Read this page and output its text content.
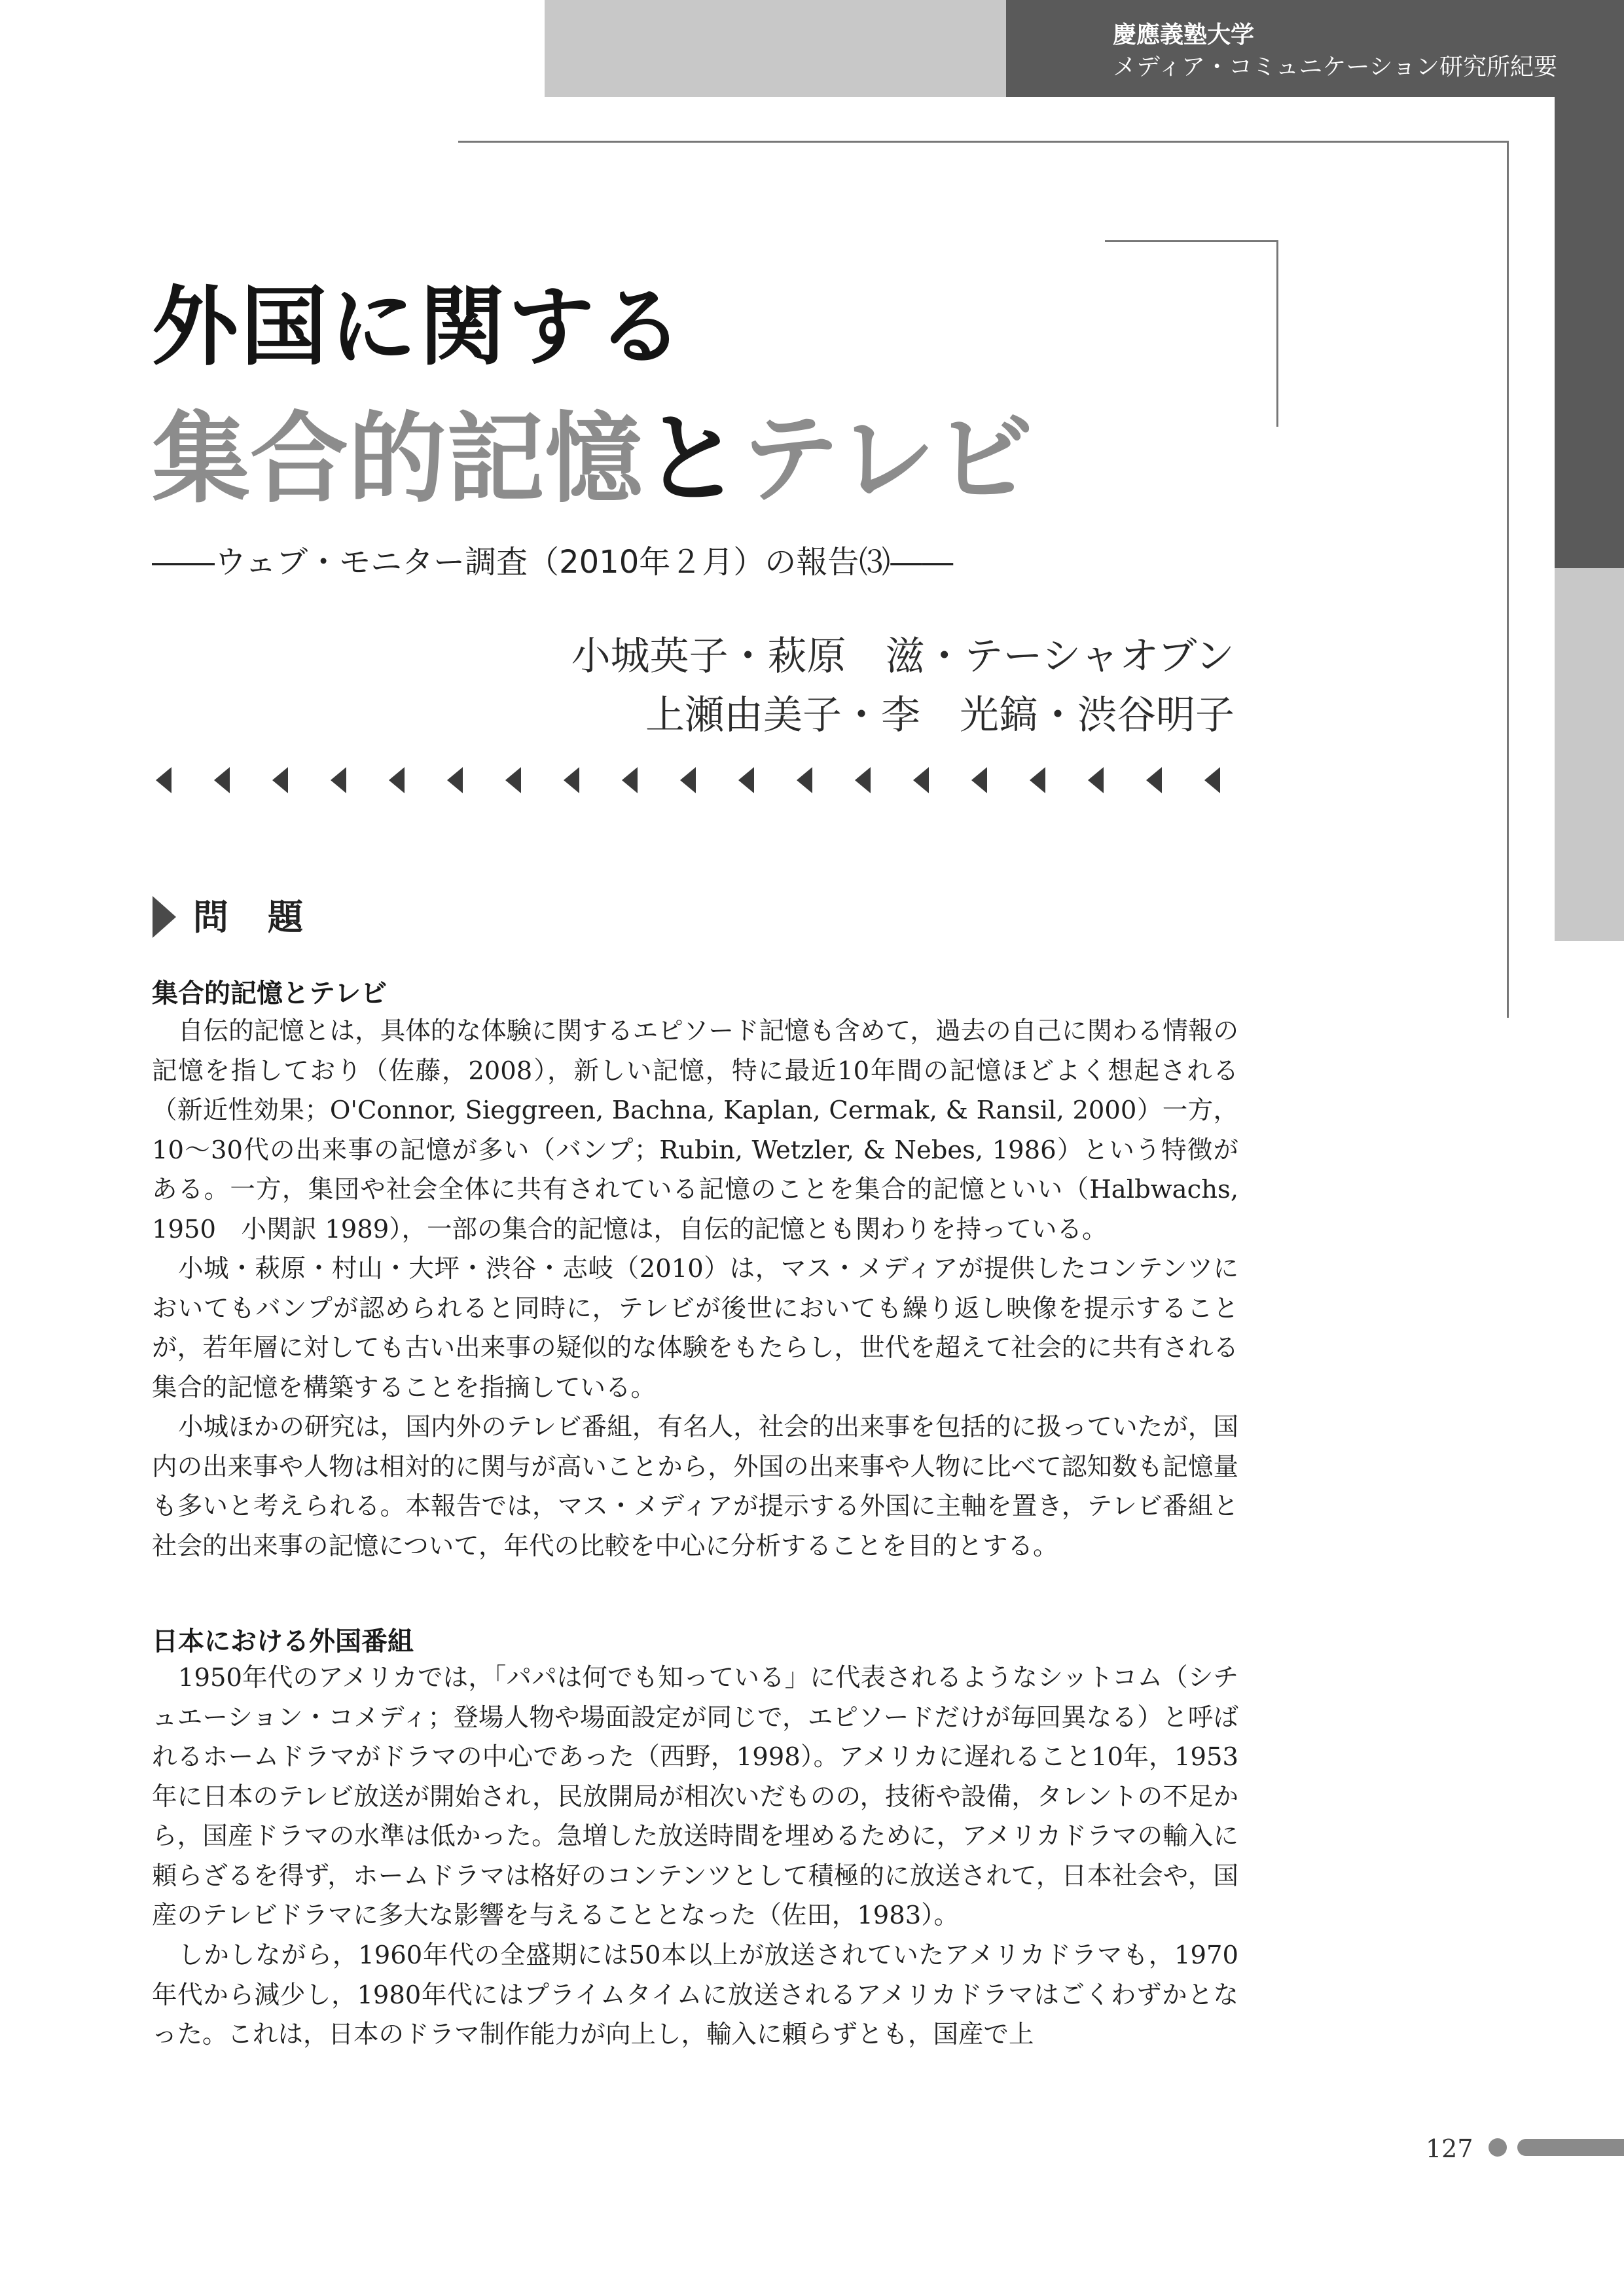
慶應義塾大学
メディア・コミュニケーション研究所紀要
外国に関する
集合的記憶とテレビ
――ウェブ・モニター調査（2010年２月）の報告⑶――
小城英子・萩原　滋・テーシャオブン
上瀬由美子・李　光鎬・渋谷明子
問題
集合的記憶とテレビ

自伝的記憶とは，具体的な体験に関するエピソード記憶も含めて，過去の自己に関わる情報の記憶を指しており（佐藤，2008），新しい記憶，特に最近10年間の記憶ほどよく想起される（新近性効果；O'Connor, Sieggreen, Bachna, Kaplan, Cermak, & Ransil, 2000）一方，10～30代の出来事の記憶が多い（バンプ；Rubin, Wetzler, & Nebes, 1986）という特徴がある。一方，集団や社会全体に共有されている記憶のことを集合的記憶といい（Halbwachs, 1950　小関訳 1989），一部の集合的記憶は，自伝的記憶とも関わりを持っている。

小城・萩原・村山・大坪・渋谷・志岐（2010）は，マス・メディアが提供したコンテンツにおいてもバンプが認められると同時に，テレビが後世においても繰り返し映像を提示することが，若年層に対しても古い出来事の疑似的な体験をもたらし，世代を超えて社会的に共有される集合的記憶を構築することを指摘している。

小城ほかの研究は，国内外のテレビ番組，有名人，社会的出来事を包括的に扱っていたが，国内の出来事や人物は相対的に関与が高いことから，外国の出来事や人物に比べて認知数も記憶量も多いと考えられる。本報告では，マス・メディアが提示する外国に主軸を置き，テレビ番組と社会的出来事の記憶について，年代の比較を中心に分析することを目的とする。

日本における外国番組

1950年代のアメリカでは，「パパは何でも知っている」に代表されるようなシットコム（シチュエーション・コメディ；登場人物や場面設定が同じで，エピソードだけが毎回異なる）と呼ばれるホームドラマがドラマの中心であった（西野，1998）。アメリカに遅れること10年，1953年に日本のテレビ放送が開始され，民放開局が相次いだものの，技術や設備，タレントの不足から，国産ドラマの水準は低かった。急増した放送時間を埋めるために，アメリカドラマの輸入に頼らざるを得ず，ホームドラマは格好のコンテンツとして積極的に放送されて，日本社会や，国産のテレビドラマに多大な影響を与えることとなった（佐田，1983）。

しかしながら，1960年代の全盛期には50本以上が放送されていたアメリカドラマも，1970年代から減少し，1980年代にはプライムタイムに放送されるアメリカドラマはごくわずかとなった。これは，日本のドラマ制作能力が向上し，輸入に頼らずとも，国産で上

127
